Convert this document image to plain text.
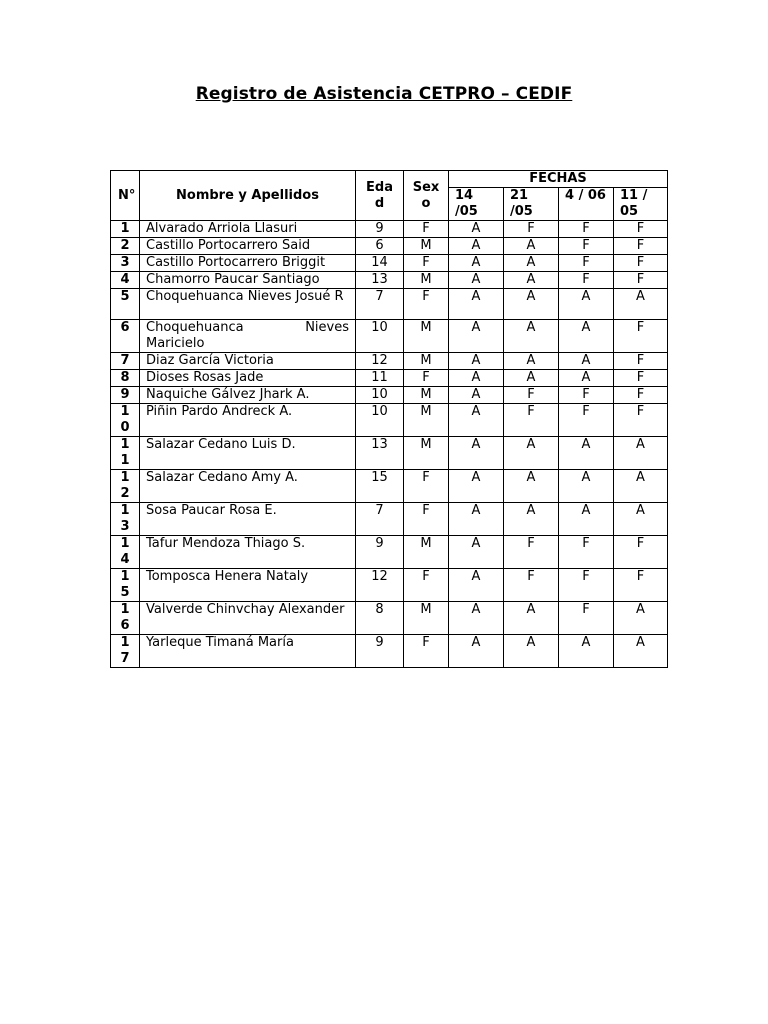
Registro de Asistencia CETPRO – CEDIF
N°	Nombre y Apellidos	Edad	Sexo	FECHAS			
				14 /05	21 /05	4 / 06	11 / 05
1	Alvarado Arriola Llasuri	9	F	A	F	F	F
2	Castillo Portocarrero Said	6	M	A	A	F	F
3	Castillo Portocarrero Briggit	14	F	A	A	F	F
4	Chamorro Paucar Santiago	13	M	A	A	F	F
5	Choquehuanca Nieves Josué R	7	F	A	A	A	A
6	Choquehuanca Nieves Maricielo	10	M	A	A	A	F
7	Diaz García Victoria	12	M	A	A	A	F
8	Dioses Rosas Jade	11	F	A	A	A	F
9	Naquiche Gálvez Jhark A.	10	M	A	F	F	F
10	Piñin Pardo Andreck A.	10	M	A	F	F	F
11	Salazar Cedano Luis D.	13	M	A	A	A	A
12	Salazar Cedano Amy A.	15	F	A	A	A	A
13	Sosa Paucar Rosa E.	7	F	A	A	A	A
14	Tafur Mendoza Thiago S.	9	M	A	F	F	F
15	Tomposca Henera Nataly	12	F	A	F	F	F
16	Valverde Chinvchay Alexander	8	M	A	A	F	A
17	Yarleque Timaná María	9	F	A	A	A	A
